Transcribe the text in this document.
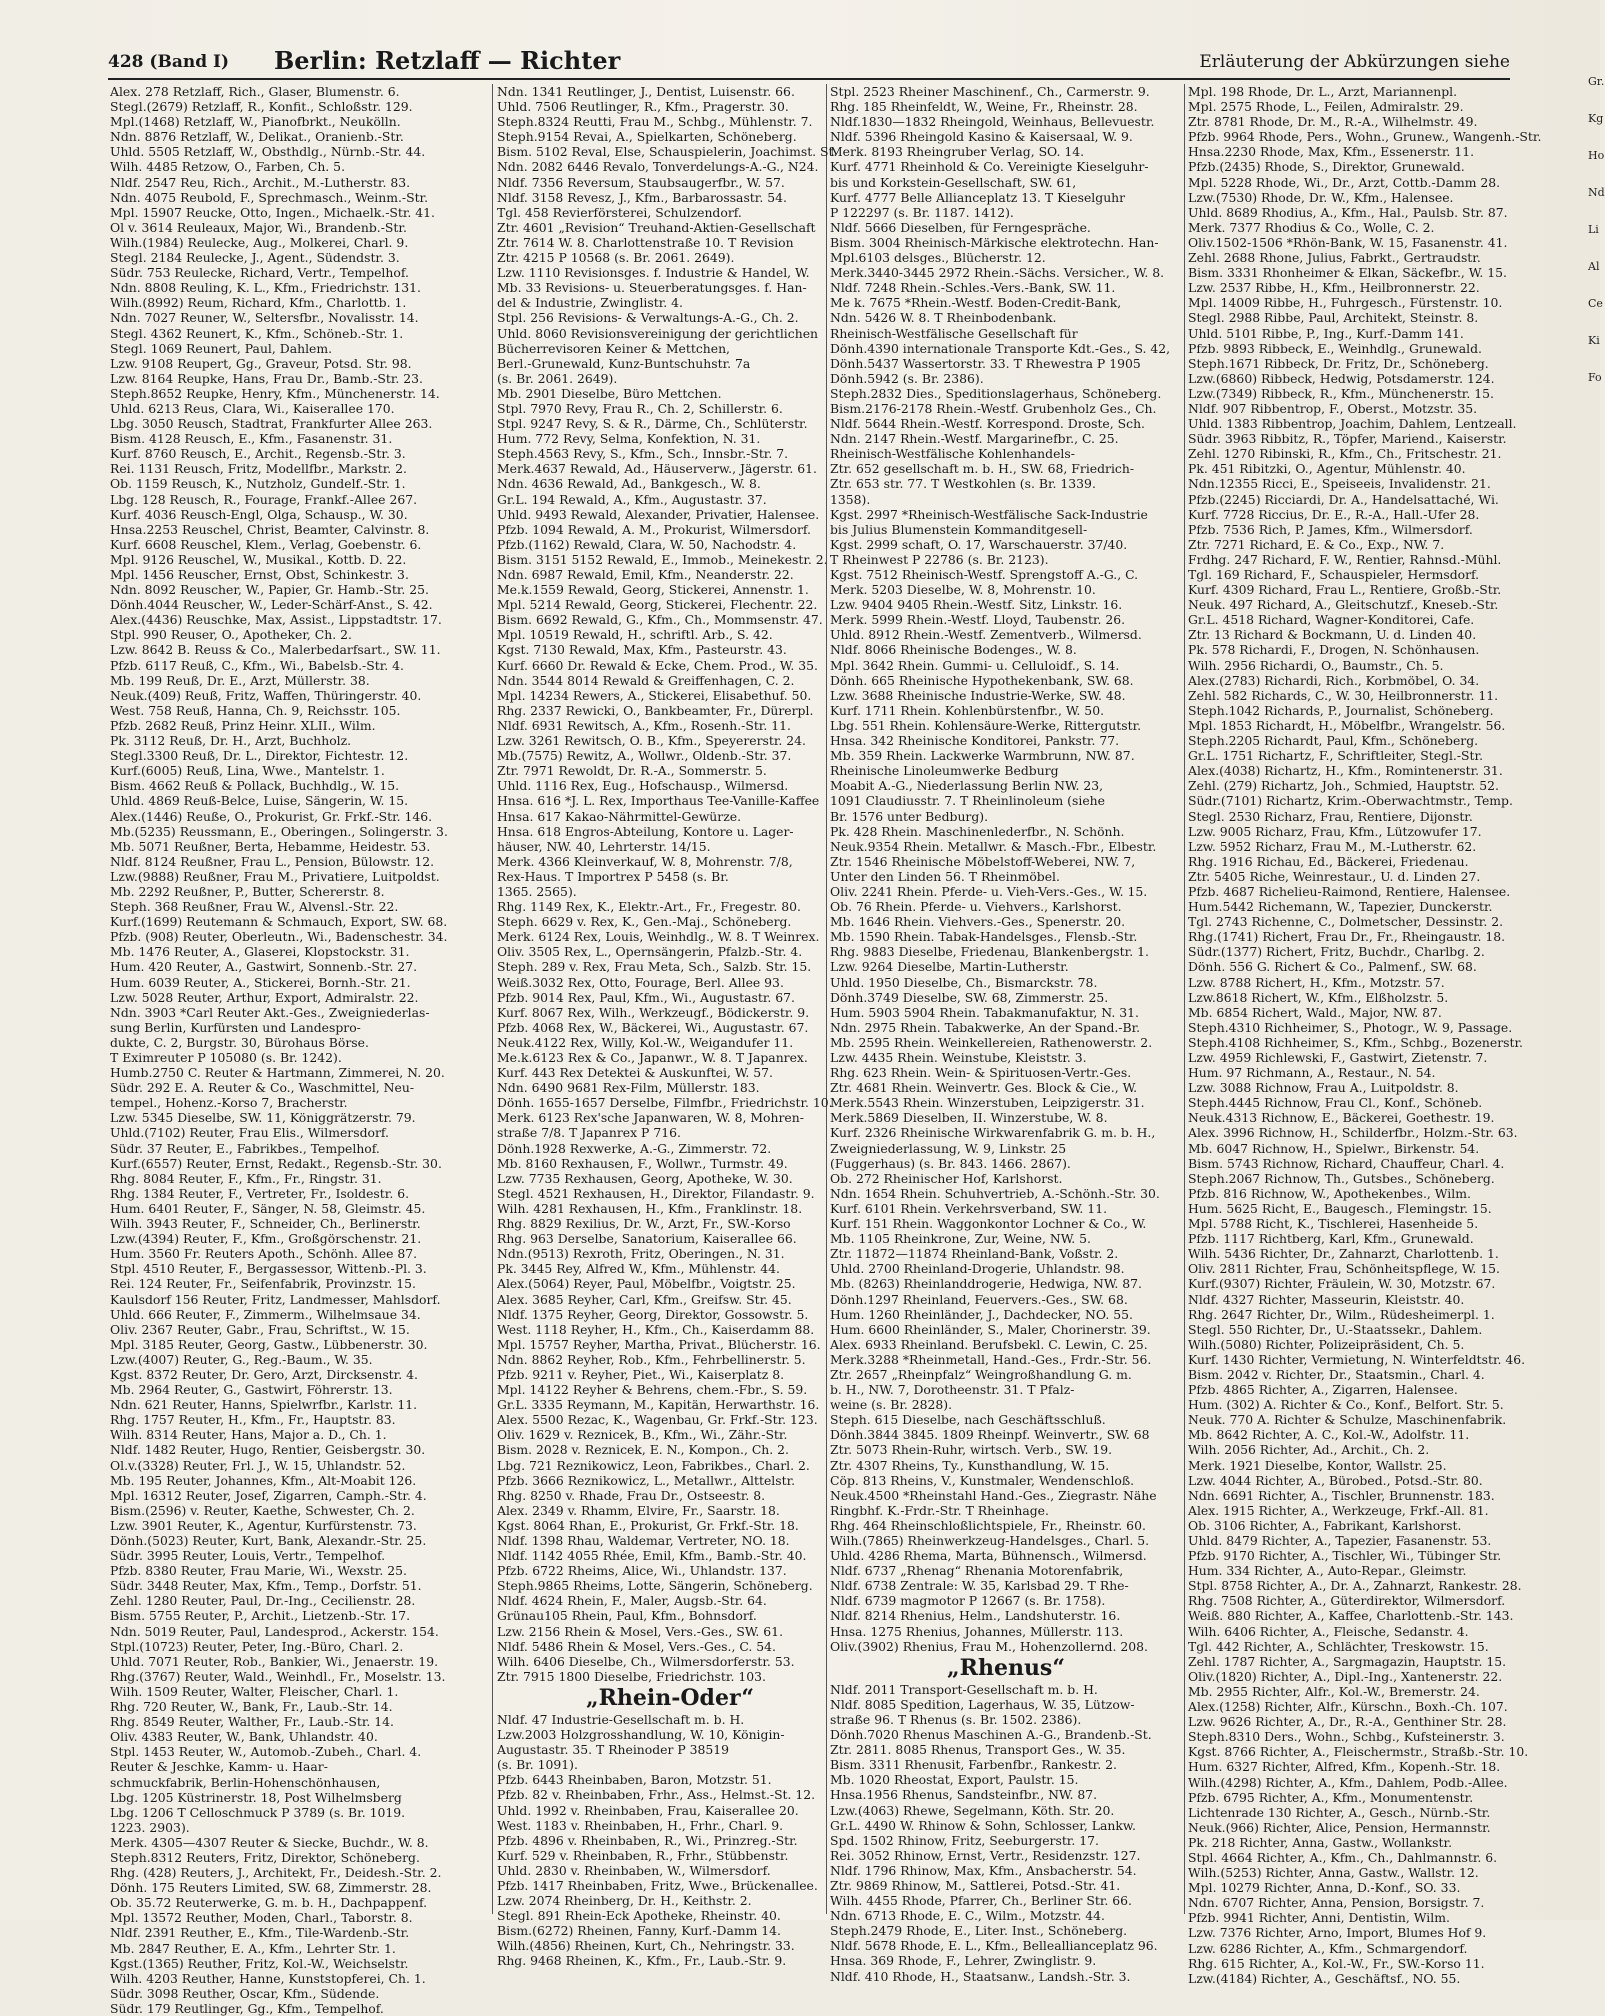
428 (Band I) Berlin: Retzlaff — Richter	Erläuterung der Abkürzungen siehe
Alex. 278 Retzlaff, Rich., Glaser, Blumenstr. 6.
Stegl.(2679) Retzlaff, R., Konfit., Schloßstr. 129.
Mpl.(1468) Retzlaff, W., Pianofbrkt., Neukölln.
Ndn. 8876 Retzlaff, W., Delikat., Oranienb.-Str.
Uhld. 5505 Retzlaff, W., Obsthdlg., Nürnb.-Str. 44.
Wilh. 4485 Retzow, O., Farben, Ch. 5.
Nldf. 2547 Reu, Rich., Archit., M.-Lutherstr. 83.
Ndn. 4075 Reubold, F., Sprechmasch., Weinm.-Str.
Mpl. 15907 Reucke, Otto, Ingen., Michaelk.-Str. 41.
Ol v. 3614 Reuleaux, Major, Wi., Brandenb.-Str.
Wilh.(1984) Reulecke, Aug., Molkerei, Charl. 9.
Stegl. 2184 Reulecke, J., Agent., Südendstr. 3.
Südr. 753 Reulecke, Richard, Vertr., Tempelhof.
Ndn. 8808 Reuling, K. L., Kfm., Friedrichstr. 131.
Wilh.(8992) Reum, Richard, Kfm., Charlottb. 1.
Ndn. 7027 Reuner, W., Seltersfbr., Novalisstr. 14.
Stegl. 4362 Reunert, K., Kfm., Schöneb.-Str. 1.
Stegl. 1069 Reunert, Paul, Dahlem.
Lzw. 9108 Reupert, Gg., Graveur, Potsd. Str. 98.
Lzw. 8164 Reupke, Hans, Frau Dr., Bamb.-Str. 23.
Steph.8652 Reupke, Henry, Kfm., Münchenerstr. 14.
Uhld. 6213 Reus, Clara, Wi., Kaiserallee 170.
Lbg. 3050 Reusch, Stadtrat, Frankfurter Allee 263.
Bism. 4128 Reusch, E., Kfm., Fasanenstr. 31.
Kurf. 8760 Reusch, E., Archit., Regensb.-Str. 3.
Rei. 1131 Reusch, Fritz, Modellfbr., Markstr. 2.
Ob. 1159 Reusch, K., Nutzholz, Gundelf.-Str. 1.
Lbg. 128 Reusch, R., Fourage, Frankf.-Allee 267.
Kurf. 4036 Reusch-Engl, Olga, Schausp., W. 30.
Hnsa.2253 Reuschel, Christ, Beamter, Calvinstr. 8.
Kurf. 6608 Reuschel, Klem., Verlag, Goebenstr. 6.
Mpl. 9126 Reuschel, W., Musikal., Kottb. D. 22.
Mpl. 1456 Reuscher, Ernst, Obst, Schinkestr. 3.
Ndn. 8092 Reuscher, W., Papier, Gr. Hamb.-Str. 25.
Dönh.4044 Reuscher, W., Leder-Schärf-Anst., S. 42.
Alex.(4436) Reuschke, Max, Assist., Lippstadtstr. 17.
Stpl. 990 Reuser, O., Apotheker, Ch. 2.
Lzw. 8642 B. Reuss & Co., Malerbedarfsart., SW. 11.
Pfzb. 6117 Reuß, C., Kfm., Wi., Babelsb.-Str. 4.
Mb. 199 Reuß, Dr. E., Arzt, Müllerstr. 38.
Neuk.(409) Reuß, Fritz, Waffen, Thüringerstr. 40.
West. 758 Reuß, Hanna, Ch. 9, Reichsstr. 105.
Pfzb. 2682 Reuß, Prinz Heinr. XLII., Wilm.
Pk. 3112 Reuß, Dr. H., Arzt, Buchholz.
Stegl.3300 Reuß, Dr. L., Direktor, Fichtestr. 12.
Kurf.(6005) Reuß, Lina, Wwe., Mantelstr. 1.
Bism. 4662 Reuß & Pollack, Buchhdlg., W. 15.
Uhld. 4869 Reuß-Belce, Luise, Sängerin, W. 15.
Alex.(1446) Reuße, O., Prokurist, Gr. Frkf.-Str. 146.
Mb.(5235) Reussmann, E., Oberingen., Solingerstr. 3.
Mb. 5071 Reußner, Berta, Hebamme, Heidestr. 53.
Nldf. 8124 Reußner, Frau L., Pension, Bülowstr. 12.
Lzw.(9888) Reußner, Frau M., Privatiere, Luitpoldst.
Mb. 2292 Reußner, P., Butter, Schererstr. 8.
Steph. 368 Reußner, Frau W., Alvensl.-Str. 22.
Kurf.(1699) Reutemann & Schmauch, Export, SW. 68.
Pfzb. (908) Reuter, Oberleutn., Wi., Badenschestr. 34.
Mb. 1476 Reuter, A., Glaserei, Klopstockstr. 31.
Hum. 420 Reuter, A., Gastwirt, Sonnenb.-Str. 27.
Hum. 6039 Reuter, A., Stickerei, Bornh.-Str. 21.
Lzw. 5028 Reuter, Arthur, Export, Admiralstr. 22.
Ndn. 3903 *Carl Reuter Akt.-Ges., Zweigniederlas-
sung Berlin, Kurfürsten und Landespro-
dukte, C. 2, Burgstr. 30, Bürohaus Börse.
T Eximreuter P 105080 (s. Br. 1242).
Humb.2750 C. Reuter & Hartmann, Zimmerei, N. 20.
Südr. 292 E. A. Reuter & Co., Waschmittel, Neu-
tempel., Hohenz.-Korso 7, Bracherstr.
Lzw. 5345 Dieselbe, SW. 11, Königgrätzerstr. 79.
Uhld.(7102) Reuter, Frau Elis., Wilmersdorf.
Südr. 37 Reuter, E., Fabrikbes., Tempelhof.
Kurf.(6557) Reuter, Ernst, Redakt., Regensb.-Str. 30.
Rhg. 8084 Reuter, F., Kfm., Fr., Ringstr. 31.
Rhg. 1384 Reuter, F., Vertreter, Fr., Isoldestr. 6.
Hum. 6401 Reuter, F., Sänger, N. 58, Gleimstr. 45.
Wilh. 3943 Reuter, F., Schneider, Ch., Berlinerstr.
Lzw.(4394) Reuter, F., Kfm., Großgörschenstr. 21.
Hum. 3560 Fr. Reuters Apoth., Schönh. Allee 87.
Stpl. 4510 Reuter, F., Bergassessor, Wittenb.-Pl. 3.
Rei. 124 Reuter, Fr., Seifenfabrik, Provinzstr. 15.
Kaulsdorf 156 Reuter, Fritz, Landmesser, Mahlsdorf.
Uhld. 666 Reuter, F., Zimmerm., Wilhelmsaue 34.
Oliv. 2367 Reuter, Gabr., Frau, Schriftst., W. 15.
Mpl. 3185 Reuter, Georg, Gastw., Lübbenerstr. 30.
Lzw.(4007) Reuter, G., Reg.-Baum., W. 35.
Kgst. 8372 Reuter, Dr. Gero, Arzt, Dircksenstr. 4.
Mb. 2964 Reuter, G., Gastwirt, Föhrerstr. 13.
Ndn. 621 Reuter, Hanns, Spielwrfbr., Karlstr. 11.
Rhg. 1757 Reuter, H., Kfm., Fr., Hauptstr. 83.
Wilh. 8314 Reuter, Hans, Major a. D., Ch. 1.
Nldf. 1482 Reuter, Hugo, Rentier, Geisbergstr. 30.
Ol.v.(3328) Reuter, Frl. J., W. 15, Uhlandstr. 52.
Mb. 195 Reuter, Johannes, Kfm., Alt-Moabit 126.
Mpl. 16312 Reuter, Josef, Zigarren, Camph.-Str. 4.
Bism.(2596) v. Reuter, Kaethe, Schwester, Ch. 2.
Lzw. 3901 Reuter, K., Agentur, Kurfürstenstr. 73.
Dönh.(5023) Reuter, Kurt, Bank, Alexandr.-Str. 25.
Südr. 3995 Reuter, Louis, Vertr., Tempelhof.
Pfzb. 8380 Reuter, Frau Marie, Wi., Wexstr. 25.
Südr. 3448 Reuter, Max, Kfm., Temp., Dorfstr. 51.
Zehl. 1280 Reuter, Paul, Dr.-Ing., Cecilienstr. 28.
Bism. 5755 Reuter, P., Archit., Lietzenb.-Str. 17.
Ndn. 5019 Reuter, Paul, Landesprod., Ackerstr. 154.
Stpl.(10723) Reuter, Peter, Ing.-Büro, Charl. 2.
Uhld. 7071 Reuter, Rob., Bankier, Wi., Jenaerstr. 19.
Rhg.(3767) Reuter, Wald., Weinhdl., Fr., Moselstr. 13.
Wilh. 1509 Reuter, Walter, Fleischer, Charl. 1.
Rhg. 720 Reuter, W., Bank, Fr., Laub.-Str. 14.
Rhg. 8549 Reuter, Walther, Fr., Laub.-Str. 14.
Oliv. 4383 Reuter, W., Bank, Uhlandstr. 40.
Stpl. 1453 Reuter, W., Automob.-Zubeh., Charl. 4.
Reuter & Jeschke, Kamm- u. Haar-
schmuckfabrik, Berlin-Hohenschönhausen,
Lbg. 1205 Küstrinerstr. 18, Post Wilhelmsberg
Lbg. 1206 T Celloschmuck P 3789 (s. Br. 1019.
1223. 2903).
Merk. 4305—4307 Reuter & Siecke, Buchdr., W. 8.
Steph.8312 Reuters, Fritz, Direktor, Schöneberg.
Rhg. (428) Reuters, J., Architekt, Fr., Deidesh.-Str. 2.
Dönh. 175 Reuters Limited, SW. 68, Zimmerstr. 28.
Ob. 35.72 Reuterwerke, G. m. b. H., Dachpappenf.
Mpl. 13572 Reuther, Moden, Charl., Taborstr. 8.
Nldf. 2391 Reuther, E., Kfm., Tile-Wardenb.-Str.
Mb. 2847 Reuther, E. A., Kfm., Lehrter Str. 1.
Kgst.(1365) Reuther, Fritz, Kol.-W., Weichselstr.
Wilh. 4203 Reuther, Hanne, Kunststopferei, Ch. 1.
Südr. 3098 Reuther, Oscar, Kfm., Südende.
Südr. 179 Reutlinger, Gg., Kfm., Tempelhof.
Ndn. 1341 Reutlinger, J., Dentist, Luisenstr. 66.
Uhld. 7506 Reutlinger, R., Kfm., Pragerstr. 30.
Steph.8324 Reutti, Frau M., Schbg., Mühlenstr. 7.
Steph.9154 Revai, A., Spielkarten, Schöneberg.
Bism. 5102 Reval, Else, Schauspielerin, Joachimst. St.
Ndn. 2082 6446 Revalo, Tonverdelungs-A.-G., N24.
Nldf. 7356 Reversum, Staubsaugerfbr., W. 57.
Nldf. 3158 Revesz, J., Kfm., Barbarossastr. 54.
Tgl. 458 Revierförsterei, Schulzendorf.
Ztr. 4601 „Revision“ Treuhand-Aktien-Gesellschaft
Ztr. 7614 W. 8. Charlottenstraße 10. T Revision
Ztr. 4215 P 10568 (s. Br. 2061. 2649).
Lzw. 1110 Revisionsges. f. Industrie & Handel, W.
Mb. 33 Revisions- u. Steuerberatungsges. f. Han-
del & Industrie, Zwinglistr. 4.
Stpl. 256 Revisions- & Verwaltungs-A.-G., Ch. 2.
Uhld. 8060 Revisionsvereinigung der gerichtlichen
Bücherrevisoren Keiner & Mettchen,
Berl.-Grunewald, Kunz-Buntschuhstr. 7a
(s. Br. 2061. 2649).
Mb. 2901 Dieselbe, Büro Mettchen.
Stpl. 7970 Revy, Frau R., Ch. 2, Schillerstr. 6.
Stpl. 9247 Revy, S. & R., Därme, Ch., Schlüterstr.
Hum. 772 Revy, Selma, Konfektion, N. 31.
Steph.4563 Revy, S., Kfm., Sch., Innsbr.-Str. 7.
Merk.4637 Rewald, Ad., Häuserverw., Jägerstr. 61.
Ndn. 4636 Rewald, Ad., Bankgesch., W. 8.
Gr.L. 194 Rewald, A., Kfm., Augustastr. 37.
Uhld. 9493 Rewald, Alexander, Privatier, Halensee.
Pfzb. 1094 Rewald, A. M., Prokurist, Wilmersdorf.
Pfzb.(1162) Rewald, Clara, W. 50, Nachodstr. 4.
Bism. 3151 5152 Rewald, E., Immob., Meinekestr. 2.
Ndn. 6987 Rewald, Emil, Kfm., Neanderstr. 22.
Me.k.1559 Rewald, Georg, Stickerei, Annenstr. 1.
Mpl. 5214 Rewald, Georg, Stickerei, Flechentr. 22.
Bism. 6692 Rewald, G., Kfm., Ch., Mommsenstr. 47.
Mpl. 10519 Rewald, H., schriftl. Arb., S. 42.
Kgst. 7130 Rewald, Max, Kfm., Pasteurstr. 43.
Kurf. 6660 Dr. Rewald & Ecke, Chem. Prod., W. 35.
Ndn. 3544 8014 Rewald & Greiffenhagen, C. 2.
Mpl. 14234 Rewers, A., Stickerei, Elisabethuf. 50.
Rhg. 2337 Rewicki, O., Bankbeamter, Fr., Dürerpl.
Nldf. 6931 Rewitsch, A., Kfm., Rosenh.-Str. 11.
Lzw. 3261 Rewitsch, O. B., Kfm., Speyererstr. 24.
Mb.(7575) Rewitz, A., Wollwr., Oldenb.-Str. 37.
Ztr. 7971 Rewoldt, Dr. R.-A., Sommerstr. 5.
Uhld. 1116 Rex, Eug., Hofschausp., Wilmersd.
Hnsa. 616 *J. L. Rex, Importhaus Tee-Vanille-Kaffee
Hnsa. 617 Kakao-Nährmittel-Gewürze.
Hnsa. 618 Engros-Abteilung, Kontore u. Lager-
häuser, NW. 40, Lehrterstr. 14/15.
Merk. 4366 Kleinverkauf, W. 8, Mohrenstr. 7/8,
Rex-Haus. T Importrex P 5458 (s. Br.
1365. 2565).
Rhg. 1149 Rex, K., Elektr.-Art., Fr., Fregestr. 80.
Steph. 6629 v. Rex, K., Gen.-Maj., Schöneberg.
Merk. 6124 Rex, Louis, Weinhdlg., W. 8. T Weinrex.
Oliv. 3505 Rex, L., Opernsängerin, Pfalzb.-Str. 4.
Steph. 289 v. Rex, Frau Meta, Sch., Salzb. Str. 15.
Weiß.3032 Rex, Otto, Fourage, Berl. Allee 93.
Pfzb. 9014 Rex, Paul, Kfm., Wi., Augustastr. 67.
Kurf. 8067 Rex, Wilh., Werkzeugf., Bödickerstr. 9.
Pfzb. 4068 Rex, W., Bäckerei, Wi., Augustastr. 67.
Neuk.4122 Rex, Willy, Kol.-W., Weigandufer 11.
Me.k.6123 Rex & Co., Japanwr., W. 8. T Japanrex.
Kurf. 443 Rex Detektei & Auskunftei, W. 57.
Ndn. 6490 9681 Rex-Film, Müllerstr. 183.
Dönh. 1655-1657 Derselbe, Filmfbr., Friedrichstr. 10.
Merk. 6123 Rex'sche Japanwaren, W. 8, Mohren-
straße 7/8. T Japanrex P 716.
Dönh.1928 Rexwerke, A.-G., Zimmerstr. 72.
Mb. 8160 Rexhausen, F., Wollwr., Turmstr. 49.
Lzw. 7735 Rexhausen, Georg, Apotheke, W. 30.
Stegl. 4521 Rexhausen, H., Direktor, Filandastr. 9.
Wilh. 4281 Rexhausen, H., Kfm., Franklinstr. 18.
Rhg. 8829 Rexilius, Dr. W., Arzt, Fr., SW.-Korso
Rhg. 963 Derselbe, Sanatorium, Kaiserallee 66.
Ndn.(9513) Rexroth, Fritz, Oberingen., N. 31.
Pk. 3445 Rey, Alfred W., Kfm., Mühlenstr. 44.
Alex.(5064) Reyer, Paul, Möbelfbr., Voigtstr. 25.
Alex. 3685 Reyher, Carl, Kfm., Greifsw. Str. 45.
Nldf. 1375 Reyher, Georg, Direktor, Gossowstr. 5.
West. 1118 Reyher, H., Kfm., Ch., Kaiserdamm 88.
Mpl. 15757 Reyher, Martha, Privat., Blücherstr. 16.
Ndn. 8862 Reyher, Rob., Kfm., Fehrbellinerstr. 5.
Pfzb. 9211 v. Reyher, Piet., Wi., Kaiserplatz 8.
Mpl. 14122 Reyher & Behrens, chem.-Fbr., S. 59.
Gr.L. 3335 Reymann, M., Kapitän, Herwarthstr. 16.
Alex. 5500 Rezac, K., Wagenbau, Gr. Frkf.-Str. 123.
Oliv. 1629 v. Reznicek, B., Kfm., Wi., Zähr.-Str.
Bism. 2028 v. Reznicek, E. N., Kompon., Ch. 2.
Lbg. 721 Reznikowicz, Leon, Fabrikbes., Charl. 2.
Pfzb. 3666 Reznikowicz, L., Metallwr., Alttelstr.
Rhg. 8250 v. Rhade, Frau Dr., Ostseestr. 8.
Alex. 2349 v. Rhamm, Elvire, Fr., Saarstr. 18.
Kgst. 8064 Rhan, E., Prokurist, Gr. Frkf.-Str. 18.
Nldf. 1398 Rhau, Waldemar, Vertreter, NO. 18.
Nldf. 1142 4055 Rhée, Emil, Kfm., Bamb.-Str. 40.
Pfzb. 6722 Rheims, Alice, Wi., Uhlandstr. 137.
Steph.9865 Rheims, Lotte, Sängerin, Schöneberg.
Nldf. 4624 Rhein, F., Maler, Augsb.-Str. 64.
Grünau105 Rhein, Paul, Kfm., Bohnsdorf.
Lzw. 2156 Rhein & Mosel, Vers.-Ges., SW. 61.
Nldf. 5486 Rhein & Mosel, Vers.-Ges., C. 54.
Wilh. 6406 Dieselbe, Ch., Wilmersdorferstr. 53.
Ztr. 7915 1800 Dieselbe, Friedrichstr. 103.
„Rhein-Oder“
Nldf. 47 Industrie-Gesellschaft m. b. H.
Lzw.2003 Holzgrosshandlung, W. 10, Königin-
Augustastr. 35. T Rheinoder P 38519
(s. Br. 1091).
Pfzb. 6443 Rheinbaben, Baron, Motzstr. 51.
Pfzb. 82 v. Rheinbaben, Frhr., Ass., Helmst.-St. 12.
Uhld. 1992 v. Rheinbaben, Frau, Kaiserallee 20.
West. 1183 v. Rheinbaben, H., Frhr., Charl. 9.
Pfzb. 4896 v. Rheinbaben, R., Wi., Prinzreg.-Str.
Kurf. 529 v. Rheinbaben, R., Frhr., Stübbenstr.
Uhld. 2830 v. Rheinbaben, W., Wilmersdorf.
Pfzb. 1417 Rheinbaben, Fritz, Wwe., Brückenallee.
Lzw. 2074 Rheinberg, Dr. H., Keithstr. 2.
Stegl. 891 Rhein-Eck Apotheke, Rheinstr. 40.
Bism.(6272) Rheinen, Fanny, Kurf.-Damm 14.
Wilh.(4856) Rheinen, Kurt, Ch., Nehringstr. 33.
Rhg. 9468 Rheinen, K., Kfm., Fr., Laub.-Str. 9.
Stpl. 2523 Rheiner Maschinenf., Ch., Carmerstr. 9.
Rhg. 185 Rheinfeldt, W., Weine, Fr., Rheinstr. 28.
Nldf.1830—1832 Rheingold, Weinhaus, Bellevuestr.
Nldf. 5396 Rheingold Kasino & Kaisersaal, W. 9.
Merk. 8193 Rheingruber Verlag, SO. 14.
Kurf. 4771 Rheinhold & Co. Vereinigte Kieselguhr-
bis und Korkstein-Gesellschaft, SW. 61,
Kurf. 4777 Belle Allianceplatz 13. T Kieselguhr
P 122297 (s. Br. 1187. 1412).
Nldf. 5666 Dieselben, für Ferngespräche.
Bism. 3004 Rheinisch-Märkische elektrotechn. Han-
Mpl.6103 delsges., Blücherstr. 12.
Merk.3440-3445 2972 Rhein.-Sächs. Versicher., W. 8.
Nldf. 7248 Rhein.-Schles.-Vers.-Bank, SW. 11.
Me k. 7675 *Rhein.-Westf. Boden-Credit-Bank,
Ndn. 5426 W. 8. T Rheinbodenbank.
Rheinisch-Westfälische Gesellschaft für
Dönh.4390 internationale Transporte Kdt.-Ges., S. 42,
Dönh.5437 Wassertorstr. 33. T Rhewestra P 1905
Dönh.5942 (s. Br. 2386).
Steph.2832 Dies., Speditionslagerhaus, Schöneberg.
Bism.2176-2178 Rhein.-Westf. Grubenholz Ges., Ch.
Nldf. 5644 Rhein.-Westf. Korrespond. Droste, Sch.
Ndn. 2147 Rhein.-Westf. Margarinefbr., C. 25.
Rheinisch-Westfälische Kohlenhandels-
Ztr. 652 gesellschaft m. b. H., SW. 68, Friedrich-
Ztr. 653 str. 77. T Westkohlen (s. Br. 1339.
1358).
Kgst. 2997 *Rheinisch-Westfälische Sack-Industrie
bis Julius Blumenstein Kommanditgesell-
Kgst. 2999 schaft, O. 17, Warschauerstr. 37/40.
T Rheinwest P 22786 (s. Br. 2123).
Kgst. 7512 Rheinisch-Westf. Sprengstoff A.-G., C.
Merk. 5203 Dieselbe, W. 8, Mohrenstr. 10.
Lzw. 9404 9405 Rhein.-Westf. Sitz, Linkstr. 16.
Merk. 5999 Rhein.-Westf. Lloyd, Taubenstr. 26.
Uhld. 8912 Rhein.-Westf. Zementverb., Wilmersd.
Nldf. 8066 Rheinische Bodenges., W. 8.
Mpl. 3642 Rhein. Gummi- u. Celluloidf., S. 14.
Dönh. 665 Rheinische Hypothekenbank, SW. 68.
Lzw. 3688 Rheinische Industrie-Werke, SW. 48.
Kurf. 1711 Rhein. Kohlenbürstenfbr., W. 50.
Lbg. 551 Rhein. Kohlensäure-Werke, Rittergutstr.
Hnsa. 342 Rheinische Konditorei, Pankstr. 77.
Mb. 359 Rhein. Lackwerke Warmbrunn, NW. 87.
Rheinische Linoleumwerke Bedburg
Moabit A.-G., Niederlassung Berlin NW. 23,
1091 Claudiusstr. 7. T Rheinlinoleum (siehe
Br. 1576 unter Bedburg).
Pk. 428 Rhein. Maschinenlederfbr., N. Schönh.
Neuk.9354 Rhein. Metallwr. & Masch.-Fbr., Elbestr.
Ztr. 1546 Rheinische Möbelstoff-Weberei, NW. 7,
Unter den Linden 56. T Rheinmöbel.
Oliv. 2241 Rhein. Pferde- u. Vieh-Vers.-Ges., W. 15.
Ob. 76 Rhein. Pferde- u. Viehvers., Karlshorst.
Mb. 1646 Rhein. Viehvers.-Ges., Spenerstr. 20.
Mb. 1590 Rhein. Tabak-Handelsges., Flensb.-Str.
Rhg. 9883 Dieselbe, Friedenau, Blankenbergstr. 1.
Lzw. 9264 Dieselbe, Martin-Lutherstr.
Uhld. 1950 Dieselbe, Ch., Bismarckstr. 78.
Dönh.3749 Dieselbe, SW. 68, Zimmerstr. 25.
Hum. 5903 5904 Rhein. Tabakmanufaktur, N. 31.
Ndn. 2975 Rhein. Tabakwerke, An der Spand.-Br.
Mb. 2595 Rhein. Weinkellereien, Rathenowerstr. 2.
Lzw. 4435 Rhein. Weinstube, Kleiststr. 3.
Rhg. 623 Rhein. Wein- & Spirituosen-Vertr.-Ges.
Ztr. 4681 Rhein. Weinvertr. Ges. Block & Cie., W.
Merk.5543 Rhein. Winzerstuben, Leipzigerstr. 31.
Merk.5869 Dieselben, II. Winzerstube, W. 8.
Kurf. 2326 Rheinische Wirkwarenfabrik G. m. b. H.,
Zweigniederlassung, W. 9, Linkstr. 25
(Fuggerhaus) (s. Br. 843. 1466. 2867).
Ob. 272 Rheinischer Hof, Karlshorst.
Ndn. 1654 Rhein. Schuhvertrieb, A.-Schönh.-Str. 30.
Kurf. 6101 Rhein. Verkehrsverband, SW. 11.
Kurf. 151 Rhein. Waggonkontor Lochner & Co., W.
Mb. 1105 Rheinkrone, Zur, Weine, NW. 5.
Ztr. 11872—11874 Rheinland-Bank, Voßstr. 2.
Uhld. 2700 Rheinland-Drogerie, Uhlandstr. 98.
Mb. (8263) Rheinlanddrogerie, Hedwiga, NW. 87.
Dönh.1297 Rheinland, Feuervers.-Ges., SW. 68.
Hum. 1260 Rheinländer, J., Dachdecker, NO. 55.
Hum. 6600 Rheinländer, S., Maler, Chorinerstr. 39.
Alex. 6933 Rheinland. Berufsbekl. C. Lewin, C. 25.
Merk.3288 *Rheinmetall, Hand.-Ges., Frdr.-Str. 56.
Ztr. 2657 „Rheinpfalz“ Weingroßhandlung G. m.
b. H., NW. 7, Dorotheenstr. 31. T Pfalz-
weine (s. Br. 2828).
Steph. 615 Dieselbe, nach Geschäftsschluß.
Dönh.3844 3845. 1809 Rheinpf. Weinvertr., SW. 68
Ztr. 5073 Rhein-Ruhr, wirtsch. Verb., SW. 19.
Ztr. 4307 Rheins, Ty., Kunsthandlung, W. 15.
Cöp. 813 Rheins, V., Kunstmaler, Wendenschloß.
Neuk.4500 *Rheinstahl Hand.-Ges., Ziegrastr. Nähe
Ringbhf. K.-Frdr.-Str. T Rheinhage.
Rhg. 464 Rheinschloßlichtspiele, Fr., Rheinstr. 60.
Wilh.(7865) Rheinwerkzeug-Handelsges., Charl. 5.
Uhld. 4286 Rhema, Marta, Bühnensch., Wilmersd.
Nldf. 6737 „Rhenag“ Rhenania Motorenfabrik,
Nldf. 6738 Zentrale: W. 35, Karlsbad 29. T Rhe-
Nldf. 6739 magmotor P 12667 (s. Br. 1758).
Nldf. 8214 Rhenius, Helm., Landshuterstr. 16.
Hnsa. 1275 Rhenius, Johannes, Müllerstr. 113.
Oliv.(3902) Rhenius, Frau M., Hohenzollernd. 208.
„Rhenus“
Nldf. 2011 Transport-Gesellschaft m. b. H.
Nldf. 8085 Spedition, Lagerhaus, W. 35, Lützow-
straße 96. T Rhenus (s. Br. 1502. 2386).
Dönh.7020 Rhenus Maschinen A.-G., Brandenb.-St.
Ztr. 2811. 8085 Rhenus, Transport Ges., W. 35.
Bism. 3311 Rhenusit, Farbenfbr., Rankestr. 2.
Mb. 1020 Rheostat, Export, Paulstr. 15.
Hnsa.1956 Rhenus, Sandsteinfbr., NW. 87.
Lzw.(4063) Rhewe, Segelmann, Köth. Str. 20.
Gr.L. 4490 W. Rhinow & Sohn, Schlosser, Lankw.
Spd. 1502 Rhinow, Fritz, Seeburgerstr. 17.
Rei. 3052 Rhinow, Ernst, Vertr., Residenzstr. 127.
Nldf. 1796 Rhinow, Max, Kfm., Ansbacherstr. 54.
Ztr. 9869 Rhinow, M., Sattlerei, Potsd.-Str. 41.
Wilh. 4455 Rhode, Pfarrer, Ch., Berliner Str. 66.
Ndn. 6713 Rhode, E. C., Wilm., Motzstr. 44.
Steph.2479 Rhode, E., Liter. Inst., Schöneberg.
Nldf. 5678 Rhode, E. L., Kfm., Belleallianceplatz 96.
Hnsa. 369 Rhode, F., Lehrer, Zwinglistr. 9.
Nldf. 410 Rhode, H., Staatsanw., Landsh.-Str. 3.
Mpl. 198 Rhode, Dr. L., Arzt, Mariannenpl.
Mpl. 2575 Rhode, L., Feilen, Admiralstr. 29.
Ztr. 8781 Rhode, Dr. M., R.-A., Wilhelmstr. 49.
Pfzb. 9964 Rhode, Pers., Wohn., Grunew., Wangenh.-Str.
Hnsa.2230 Rhode, Max, Kfm., Essenerstr. 11.
Pfzb.(2435) Rhode, S., Direktor, Grunewald.
Mpl. 5228 Rhode, Wi., Dr., Arzt, Cottb.-Damm 28.
Lzw.(7530) Rhode, Dr. W., Kfm., Halensee.
Uhld. 8689 Rhodius, A., Kfm., Hal., Paulsb. Str. 87.
Merk. 7377 Rhodius & Co., Wolle, C. 2.
Oliv.1502-1506 *Rhön-Bank, W. 15, Fasanenstr. 41.
Zehl. 2688 Rhone, Julius, Fabrkt., Gertraudstr.
Bism. 3331 Rhonheimer & Elkan, Säckefbr., W. 15.
Lzw. 2537 Ribbe, H., Kfm., Heilbronnerstr. 22.
Mpl. 14009 Ribbe, H., Fuhrgesch., Fürstenstr. 10.
Stegl. 2988 Ribbe, Paul, Architekt, Steinstr. 8.
Uhld. 5101 Ribbe, P., Ing., Kurf.-Damm 141.
Pfzb. 9893 Ribbeck, E., Weinhdlg., Grunewald.
Steph.1671 Ribbeck, Dr. Fritz, Dr., Schöneberg.
Lzw.(6860) Ribbeck, Hedwig, Potsdamerstr. 124.
Lzw.(7349) Ribbeck, R., Kfm., Münchenerstr. 15.
Nldf. 907 Ribbentrop, F., Oberst., Motzstr. 35.
Uhld. 1383 Ribbentrop, Joachim, Dahlem, Lentzeall.
Südr. 3963 Ribbitz, R., Töpfer, Mariend., Kaiserstr.
Zehl. 1270 Ribinski, R., Kfm., Ch., Fritschestr. 21.
Pk. 451 Ribitzki, O., Agentur, Mühlenstr. 40.
Ndn.12355 Ricci, E., Speiseeis, Invalidenstr. 21.
Pfzb.(2245) Ricciardi, Dr. A., Handelsattaché, Wi.
Kurf. 7728 Riccius, Dr. E., R.-A., Hall.-Ufer 28.
Pfzb. 7536 Rich, P. James, Kfm., Wilmersdorf.
Ztr. 7271 Richard, E. & Co., Exp., NW. 7.
Frdhg. 247 Richard, F. W., Rentier, Rahnsd.-Mühl.
Tgl. 169 Richard, F., Schauspieler, Hermsdorf.
Kurf. 4309 Richard, Frau L., Rentiere, Großb.-Str.
Neuk. 497 Richard, A., Gleitschutzf., Kneseb.-Str.
Gr.L. 4518 Richard, Wagner-Konditorei, Cafe.
Ztr. 13 Richard & Bockmann, U. d. Linden 40.
Pk. 578 Richardi, F., Drogen, N. Schönhausen.
Wilh. 2956 Richardi, O., Baumstr., Ch. 5.
Alex.(2783) Richardi, Rich., Korbmöbel, O. 34.
Zehl. 582 Richards, C., W. 30, Heilbronnerstr. 11.
Steph.1042 Richards, P., Journalist, Schöneberg.
Mpl. 1853 Richardt, H., Möbelfbr., Wrangelstr. 56.
Steph.2205 Richardt, Paul, Kfm., Schöneberg.
Gr.L. 1751 Richartz, F., Schriftleiter, Stegl.-Str.
Alex.(4038) Richartz, H., Kfm., Romintenerstr. 31.
Zehl. (279) Richartz, Joh., Schmied, Hauptstr. 52.
Südr.(7101) Richartz, Krim.-Oberwachtmstr., Temp.
Stegl. 2530 Richarz, Frau, Rentiere, Dijonstr.
Lzw. 9005 Richarz, Frau, Kfm., Lützowufer 17.
Lzw. 5952 Richarz, Frau M., M.-Lutherstr. 62.
Rhg. 1916 Richau, Ed., Bäckerei, Friedenau.
Ztr. 5405 Riche, Weinrestaur., U. d. Linden 27.
Pfzb. 4687 Richelieu-Raimond, Rentiere, Halensee.
Hum.5442 Richemann, W., Tapezier, Dunckerstr.
Tgl. 2743 Richenne, C., Dolmetscher, Dessinstr. 2.
Rhg.(1741) Richert, Frau Dr., Fr., Rheingaustr. 18.
Südr.(1377) Richert, Fritz, Buchdr., Charlbg. 2.
Dönh. 556 G. Richert & Co., Palmenf., SW. 68.
Lzw. 8788 Richert, H., Kfm., Motzstr. 57.
Lzw.8618 Richert, W., Kfm., Elßholzstr. 5.
Mb. 6854 Richert, Wald., Major, NW. 87.
Steph.4310 Richheimer, S., Photogr., W. 9, Passage.
Steph.4108 Richheimer, S., Kfm., Schbg., Bozenerstr.
Lzw. 4959 Richlewski, F., Gastwirt, Zietenstr. 7.
Hum. 97 Richmann, A., Restaur., N. 54.
Lzw. 3088 Richnow, Frau A., Luitpoldstr. 8.
Steph.4445 Richnow, Frau Cl., Konf., Schöneb.
Neuk.4313 Richnow, E., Bäckerei, Goethestr. 19.
Alex. 3996 Richnow, H., Schilderfbr., Holzm.-Str. 63.
Mb. 6047 Richnow, H., Spielwr., Birkenstr. 54.
Bism. 5743 Richnow, Richard, Chauffeur, Charl. 4.
Steph.2067 Richnow, Th., Gutsbes., Schöneberg.
Pfzb. 816 Richnow, W., Apothekenbes., Wilm.
Hum. 5625 Richt, E., Baugesch., Flemingstr. 15.
Mpl. 5788 Richt, K., Tischlerei, Hasenheide 5.
Pfzb. 1117 Richtberg, Karl, Kfm., Grunewald.
Wilh. 5436 Richter, Dr., Zahnarzt, Charlottenb. 1.
Oliv. 2811 Richter, Frau, Schönheitspflege, W. 15.
Kurf.(9307) Richter, Fräulein, W. 30, Motzstr. 67.
Nldf. 4327 Richter, Masseurin, Kleiststr. 40.
Rhg. 2647 Richter, Dr., Wilm., Rüdesheimerpl. 1.
Stegl. 550 Richter, Dr., U.-Staatssekr., Dahlem.
Wilh.(5080) Richter, Polizeipräsident, Ch. 5.
Kurf. 1430 Richter, Vermietung, N. Winterfeldtstr. 46.
Bism. 2042 v. Richter, Dr., Staatsmin., Charl. 4.
Pfzb. 4865 Richter, A., Zigarren, Halensee.
Hum. (302) A. Richter & Co., Konf., Belfort. Str. 5.
Neuk. 770 A. Richter & Schulze, Maschinenfabrik.
Mb. 8642 Richter, A. C., Kol.-W., Adolfstr. 11.
Wilh. 2056 Richter, Ad., Archit., Ch. 2.
Merk. 1921 Dieselbe, Kontor, Wallstr. 25.
Lzw. 4044 Richter, A., Bürobed., Potsd.-Str. 80.
Ndn. 6691 Richter, A., Tischler, Brunnenstr. 183.
Alex. 1915 Richter, A., Werkzeuge, Frkf.-All. 81.
Ob. 3106 Richter, A., Fabrikant, Karlshorst.
Uhld. 8479 Richter, A., Tapezier, Fasanenstr. 53.
Pfzb. 9170 Richter, A., Tischler, Wi., Tübinger Str.
Hum. 334 Richter, A., Auto-Repar., Gleimstr.
Stpl. 8758 Richter, A., Dr. A., Zahnarzt, Rankestr. 28.
Rhg. 7508 Richter, A., Güterdirektor, Wilmersdorf.
Weiß. 880 Richter, A., Kaffee, Charlottenb.-Str. 143.
Wilh. 6406 Richter, A., Fleische, Sedanstr. 4.
Tgl. 442 Richter, A., Schlächter, Treskowstr. 15.
Zehl. 1787 Richter, A., Sargmagazin, Hauptstr. 15.
Oliv.(1820) Richter, A., Dipl.-Ing., Xantenerstr. 22.
Mb. 2955 Richter, Alfr., Kol.-W., Bremerstr. 24.
Alex.(1258) Richter, Alfr., Kürschn., Boxh.-Ch. 107.
Lzw. 9626 Richter, A., Dr., R.-A., Genthiner Str. 28.
Steph.8310 Ders., Wohn., Schbg., Kufsteinerstr. 3.
Kgst. 8766 Richter, A., Fleischermstr., Straßb.-Str. 10.
Hum. 6327 Richter, Alfred, Kfm., Kopenh.-Str. 18.
Wilh.(4298) Richter, A., Kfm., Dahlem, Podb.-Allee.
Pfzb. 6795 Richter, A., Kfm., Monumentenstr.
Lichtenrade 130 Richter, A., Gesch., Nürnb.-Str.
Neuk.(966) Richter, Alice, Pension, Hermannstr.
Pk. 218 Richter, Anna, Gastw., Wollankstr.
Stpl. 4664 Richter, A., Kfm., Ch., Dahlmannstr. 6.
Wilh.(5253) Richter, Anna, Gastw., Wallstr. 12.
Mpl. 10279 Richter, Anna, D.-Konf., SO. 33.
Ndn. 6707 Richter, Anna, Pension, Borsigstr. 7.
Pfzb. 9941 Richter, Anni, Dentistin, Wilm.
Lzw. 7376 Richter, Arno, Import, Blumes Hof 9.
Lzw. 6286 Richter, A., Kfm., Schmargendorf.
Rhg. 615 Richter, A., Kol.-W., Fr., SW.-Korso 11.
Lzw.(4184) Richter, A., Geschäftsf., NO. 55.
Gr.
Kg
Ho
Nd
Li
Al
Ce
Ki
Fo
